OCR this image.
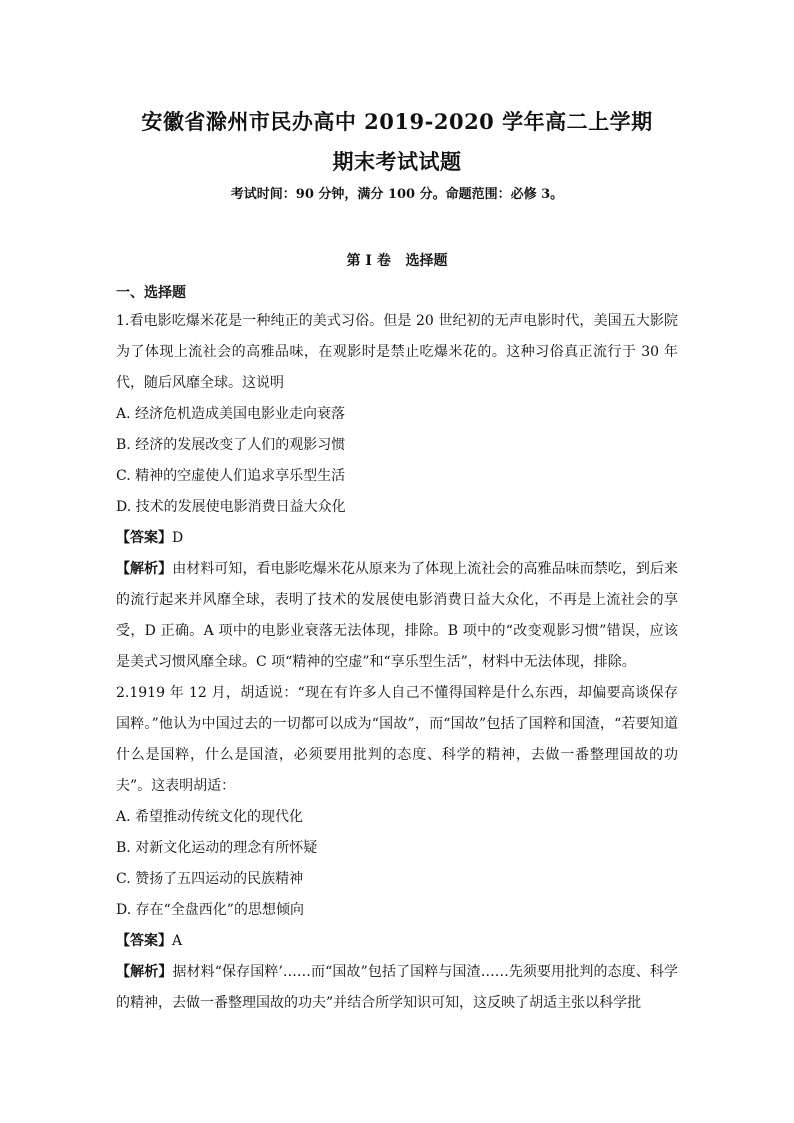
安徽省滁州市民办高中 2019-2020 学年高二上学期
期末考试试题
考试时间：90 分钟，满分 100 分。命题范围：必修 3。
第 I 卷   选择题
一、选择题

1.看电影吃爆米花是一种纯正的美式习俗。但是 20 世纪初的无声电影时代，美国五大影院为了体现上流社会的高雅品味，在观影时是禁止吃爆米花的。这种习俗真正流行于 30 年代，随后风靡全球。这说明

A. 经济危机造成美国电影业走向衰落

B. 经济的发展改变了人们的观影习惯

C. 精神的空虚使人们追求享乐型生活

D. 技术的发展使电影消费日益大众化

【答案】D

【解析】由材料可知，看电影吃爆米花从原来为了体现上流社会的高雅品味而禁吃，到后来的流行起来并风靡全球，表明了技术的发展使电影消费日益大众化，不再是上流社会的享受，D 正确。A 项中的电影业衰落无法体现，排除。B 项中的“改变观影习惯”错误，应该是美式习惯风靡全球。C 项“精神的空虚”和“享乐型生活”，材料中无法体现，排除。

2.1919 年 12 月，胡适说：“现在有许多人自己不懂得国粹是什么东西，却偏要高谈保存国粹。”他认为中国过去的一切都可以成为“国故”，而“国故”包括了国粹和国渣，“若要知道什么是国粹，什么是国渣，必须要用批判的态度、科学的精神，去做一番整理国故的功夫”。这表明胡适：

A. 希望推动传统文化的现代化

B. 对新文化运动的理念有所怀疑

C. 赞扬了五四运动的民族精神

D. 存在“全盘西化”的思想倾向

【答案】A

【解析】据材料“保存国粹’……而“国故”包括了国粹与国渣……先须要用批判的态度、科学的精神，去做一番整理国故的功夫”并结合所学知识可知，这反映了胡适主张以科学批
